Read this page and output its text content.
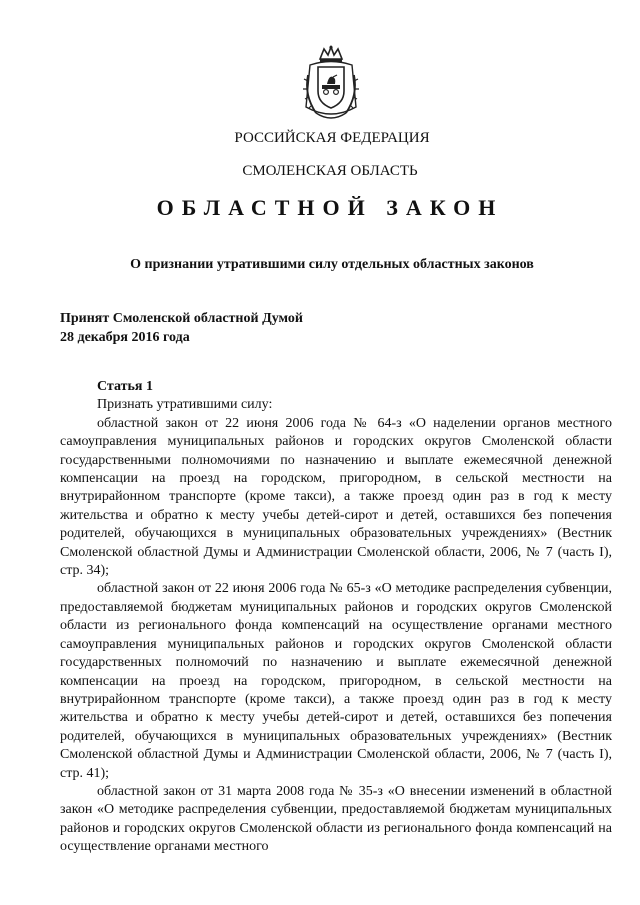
РОССИЙСКАЯ ФЕДЕРАЦИЯ
СМОЛЕНСКАЯ ОБЛАСТЬ
ОБЛАСТНОЙ ЗАКОН
О признании утратившими силу отдельных областных законов
Принят Смоленской областной Думой
28 декабря 2016 года
Статья 1
Признать утратившими силу:

областной закон от 22 июня 2006 года № 64-з «О наделении органов местного самоуправления муниципальных районов и городских округов Смоленской области государственными полномочиями по назначению и выплате ежемесячной денежной компенсации на проезд на городском, пригородном, в сельской местности на внутрирайонном транспорте (кроме такси), а также проезд один раз в год к месту жительства и обратно к месту учебы детей-сирот и детей, оставшихся без попечения родителей, обучающихся в муниципальных образовательных учреждениях» (Вестник Смоленской областной Думы и Администрации Смоленской области, 2006, № 7 (часть I), стр. 34);

областной закон от 22 июня 2006 года № 65-з «О методике распределения субвенции, предоставляемой бюджетам муниципальных районов и городских округов Смоленской области из регионального фонда компенсаций на осуществление органами местного самоуправления муниципальных районов и городских округов Смоленской области государственных полномочий по назначению и выплате ежемесячной денежной компенсации на проезд на городском, пригородном, в сельской местности на внутрирайонном транспорте (кроме такси), а также проезд один раз в год к месту жительства и обратно к месту учебы детей-сирот и детей, оставшихся без попечения родителей, обучающихся в муниципальных образовательных учреждениях» (Вестник Смоленской областной Думы и Администрации Смоленской области, 2006, № 7 (часть I), стр. 41);

областной закон от 31 марта 2008 года № 35-з «О внесении изменений в областной закон «О методике распределения субвенции, предоставляемой бюджетам муниципальных районов и городских округов Смоленской области из регионального фонда компенсаций на осуществление органами местного
